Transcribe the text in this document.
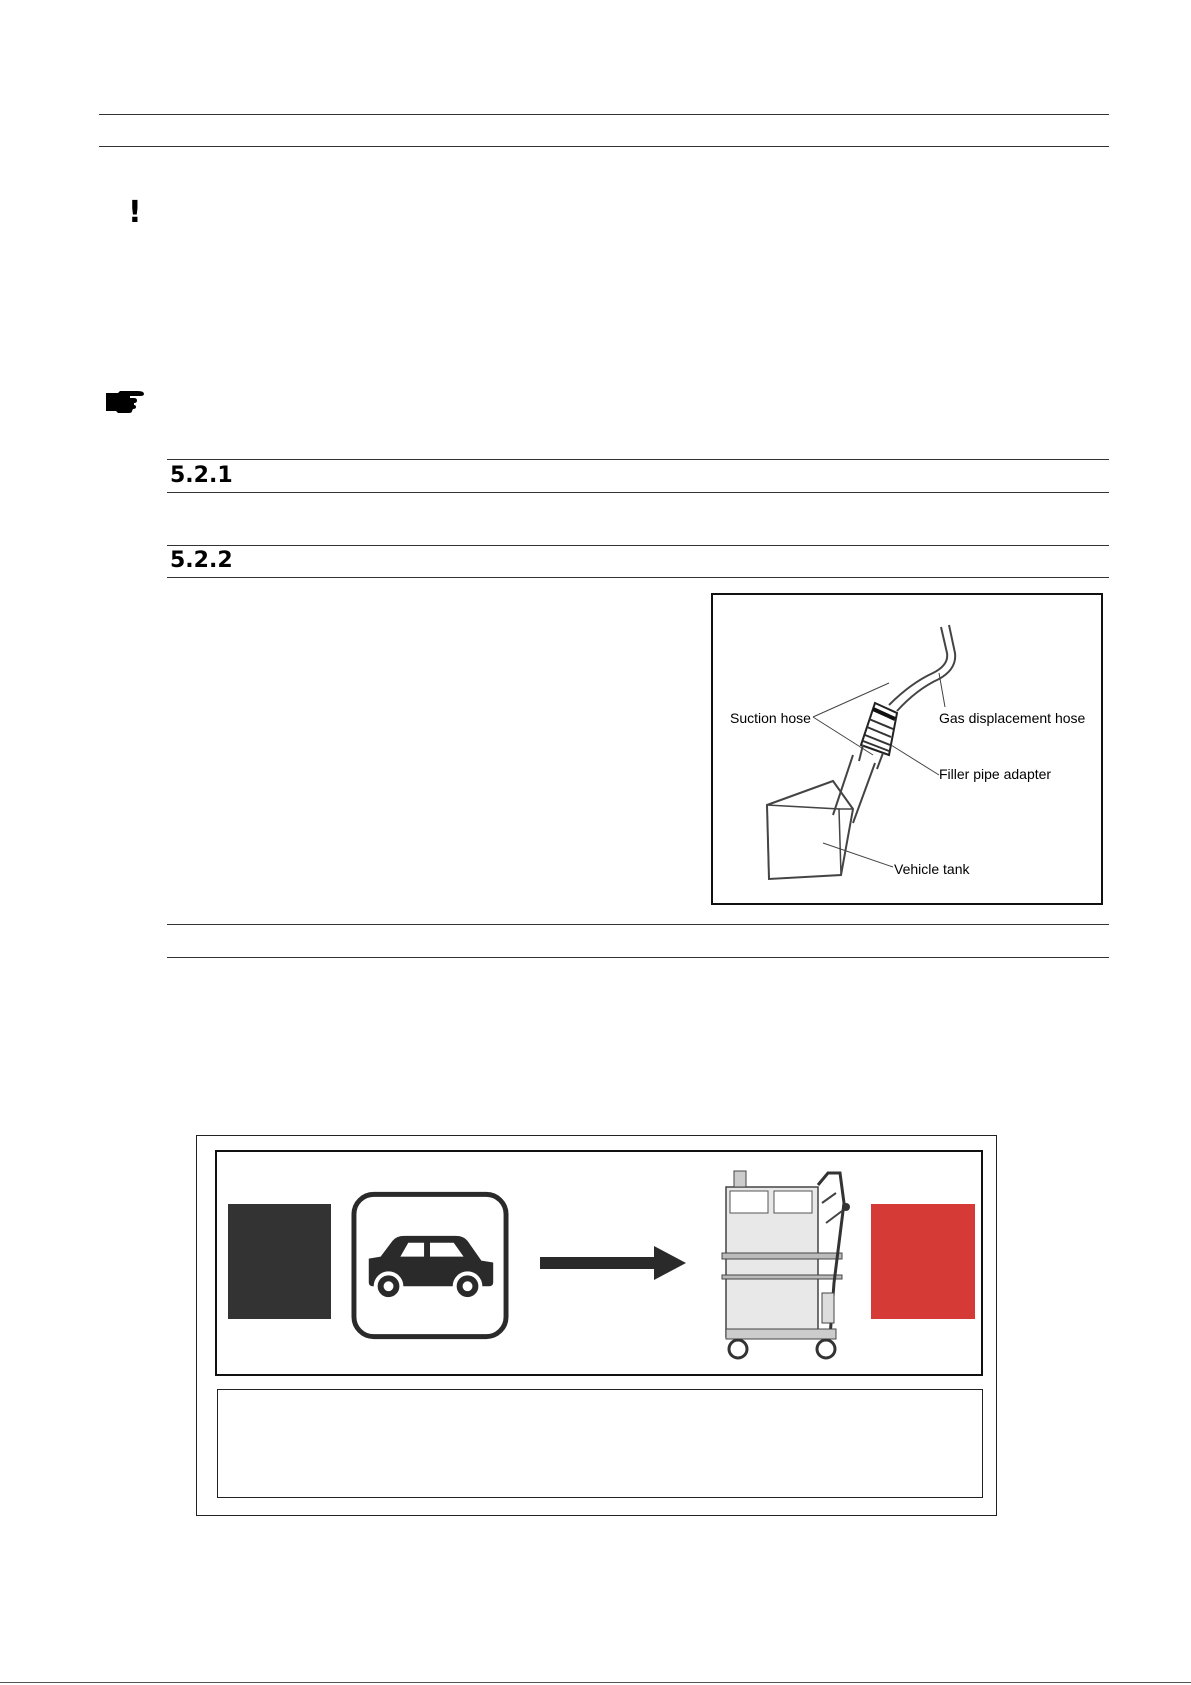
!
5.2.1
5.2.2
Suction hose	Gas displacement hose
Filler pipe adapter
Vehicle tank
